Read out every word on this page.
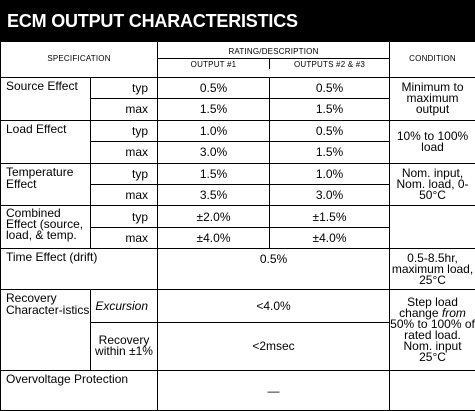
ECM OUTPUT CHARACTERISTICS
SPECIFICATION		RATING/DESCRIPTION
OUTPUT #1 OUTPUTS #2 & #3		CONDITION
Source Effect	typ	0.5%	0.5%	Minimum to maximum output
	max	1.5%	1.5%	
Load Effect	typ	1.0%	0.5%	10% to 100% load
	max	3.0%	1.5%	
Temperature Effect	typ	1.5%	1.0%	Nom. input, Nom. load, 0-50°C
	max	3.5%	3.0%	
Combined Effect (source, load, & temp.	typ	±2.0%	±1.5%	
	max	±4.0%	±4.0%	
Time Effect (drift)		0.5%		0.5-8.5hr, maximum load, 25°C
Recovery Character-istics	Excursion	<4.0%		Step load change from 50% to 100% of rated load. Nom. input 25°C
	Recovery within ±1%	<2msec		
Overvoltage Protection		—		
